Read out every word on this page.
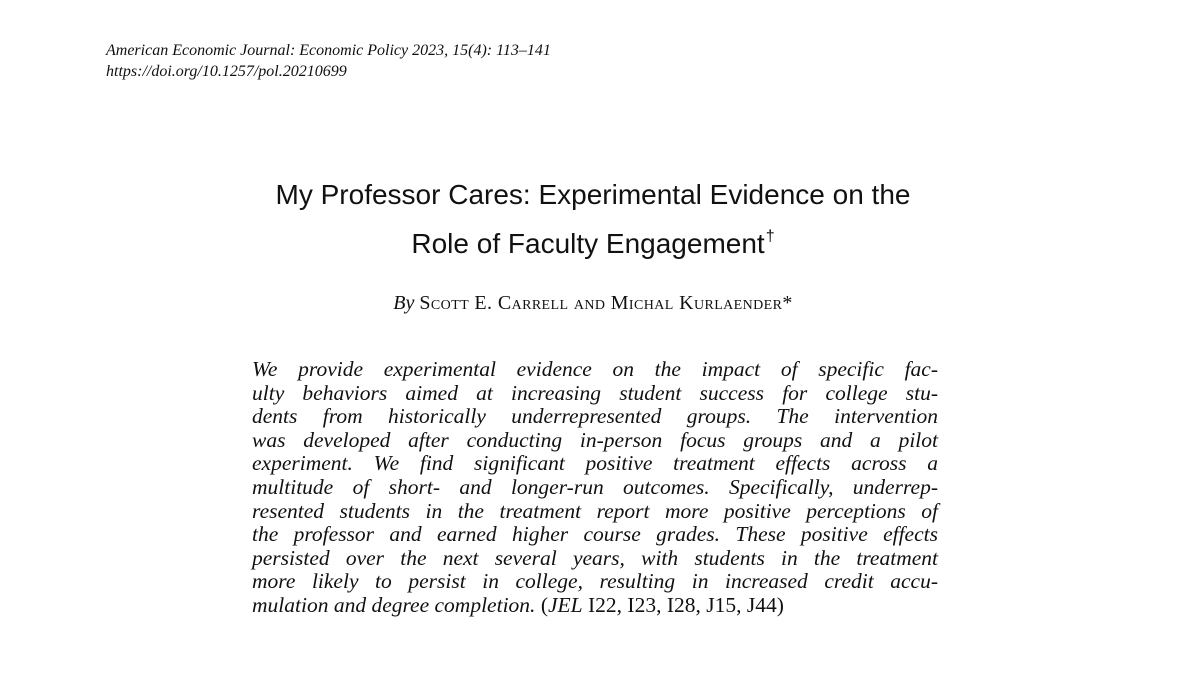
American Economic Journal: Economic Policy 2023, 15(4): 113–141
https://doi.org/10.1257/pol.20210699
My Professor Cares: Experimental Evidence on the
Role of Faculty Engagement†
By Scott E. Carrell and Michal Kurlaender*
We provide experimental evidence on the impact of specific fac-
ulty behaviors aimed at increasing student success for college stu-
dents from historically underrepresented groups. The intervention
was developed after conducting in-person focus groups and a pilot
experiment. We find significant positive treatment effects across a
multitude of short- and longer-run outcomes. Specifically, underrep-
resented students in the treatment report more positive perceptions of
the professor and earned higher course grades. These positive effects
persisted over the next several years, with students in the treatment
more likely to persist in college, resulting in increased credit accu-
mulation and degree completion. (JEL I22, I23, I28, J15, J44)
